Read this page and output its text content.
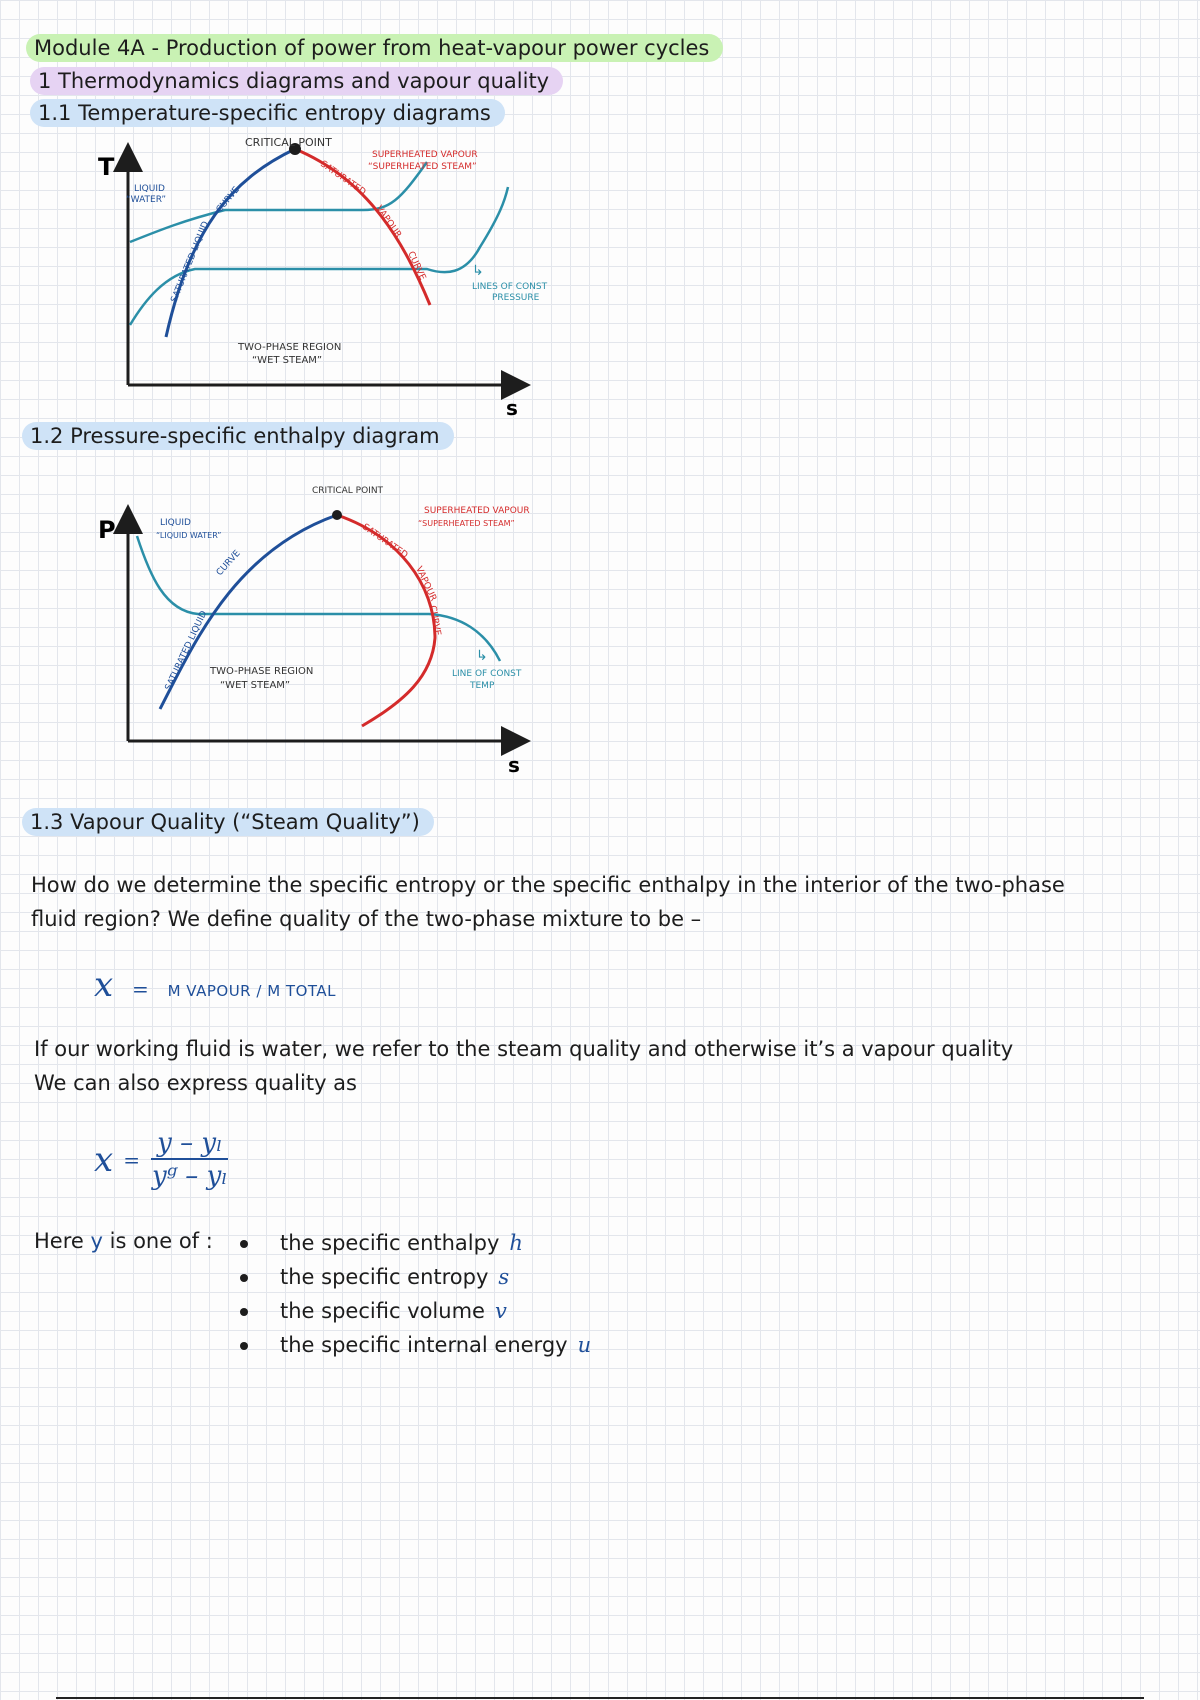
Module 4A - Production of power from heat-vapour power cycles
1 Thermodynamics diagrams and vapour quality
1.1 Temperature-specific entropy diagrams
T
s
CRITICAL POINT
LIQUID
“WATER”
SATURATED LIQUID
CURVE
SATURATED
VAPOUR
CURVE
SUPERHEATED VAPOUR
“SUPERHEATED STEAM”
TWO-PHASE REGION
“WET STEAM”
↳
LINES OF CONST
PRESSURE
1.2 Pressure-specific enthalpy diagram
P
s
CRITICAL POINT
LIQUID
“LIQUID WATER”
SATURATED LIQUID
CURVE
SATURATED
VAPOUR
CURVE
SUPERHEATED VAPOUR
“SUPERHEATED STEAM”
TWO-PHASE REGION
“WET STEAM”
↳
LINE OF CONST
TEMP
1.3 Vapour Quality (“Steam Quality”)
How do we determine the specific entropy or the specific enthalpy in the interior of the two-phase
fluid region? We define quality of the two-phase mixture to be –
x = M VAPOUR / M TOTAL
If our working fluid is water, we refer to the steam quality and otherwise it’s a vapour quality
We can also express quality as
$x = \frac{\text{y – yₗ}}{\text{yᵍ – yₗ}}$
Here y is one of :	the specific enthalpy h
the specific entropy s
the specific volume v
the specific internal energy u
